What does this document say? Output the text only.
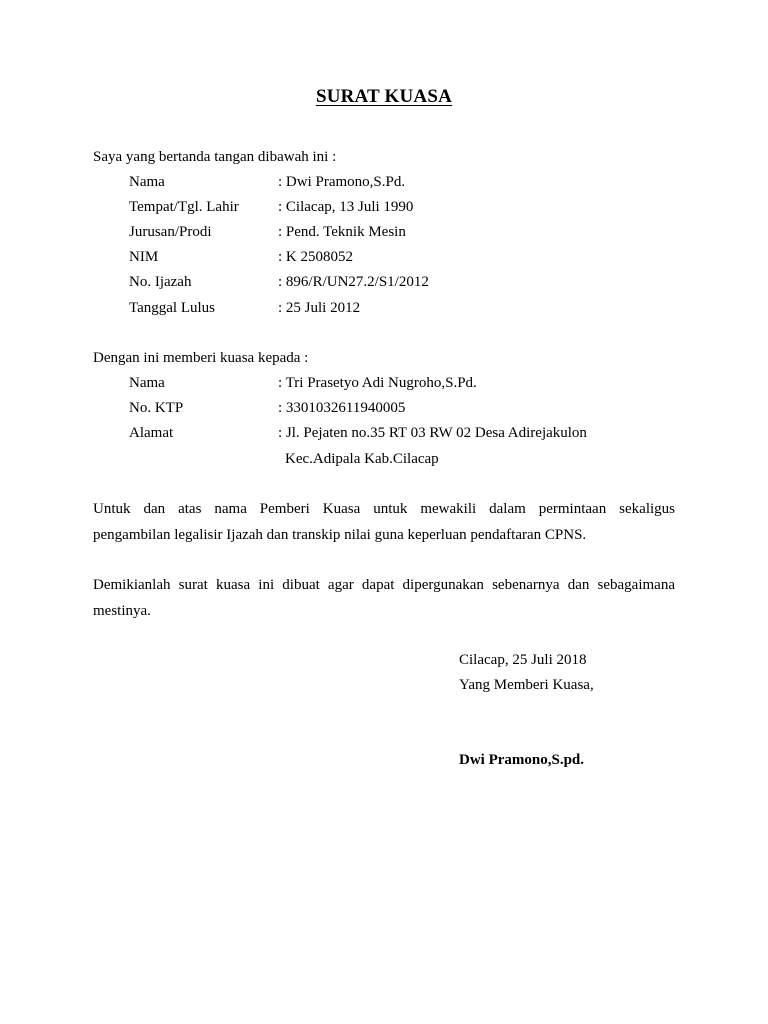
SURAT KUASA
Saya yang bertanda tangan dibawah ini :
Nama	: Dwi Pramono,S.Pd.
Tempat/Tgl. Lahir	: Cilacap, 13 Juli 1990
Jurusan/Prodi	: Pend. Teknik Mesin
NIM	: K 2508052
No. Ijazah	: 896/R/UN27.2/S1/2012
Tanggal Lulus	: 25 Juli 2012
Dengan ini memberi kuasa kepada :
Nama	: Tri Prasetyo Adi Nugroho,S.Pd.
No. KTP	: 3301032611940005
Alamat	: Jl. Pejaten no.35 RT 03 RW 02 Desa Adirejakulon
Kec.Adipala Kab.Cilacap
Untuk dan atas nama Pemberi Kuasa untuk mewakili dalam permintaan sekaligus
pengambilan legalisir Ijazah dan transkip nilai guna keperluan pendaftaran CPNS.
Demikianlah surat kuasa ini dibuat agar dapat dipergunakan sebenarnya dan sebagaimana
mestinya.
Cilacap, 25 Juli 2018
Yang Memberi Kuasa,
Dwi Pramono,S.pd.
